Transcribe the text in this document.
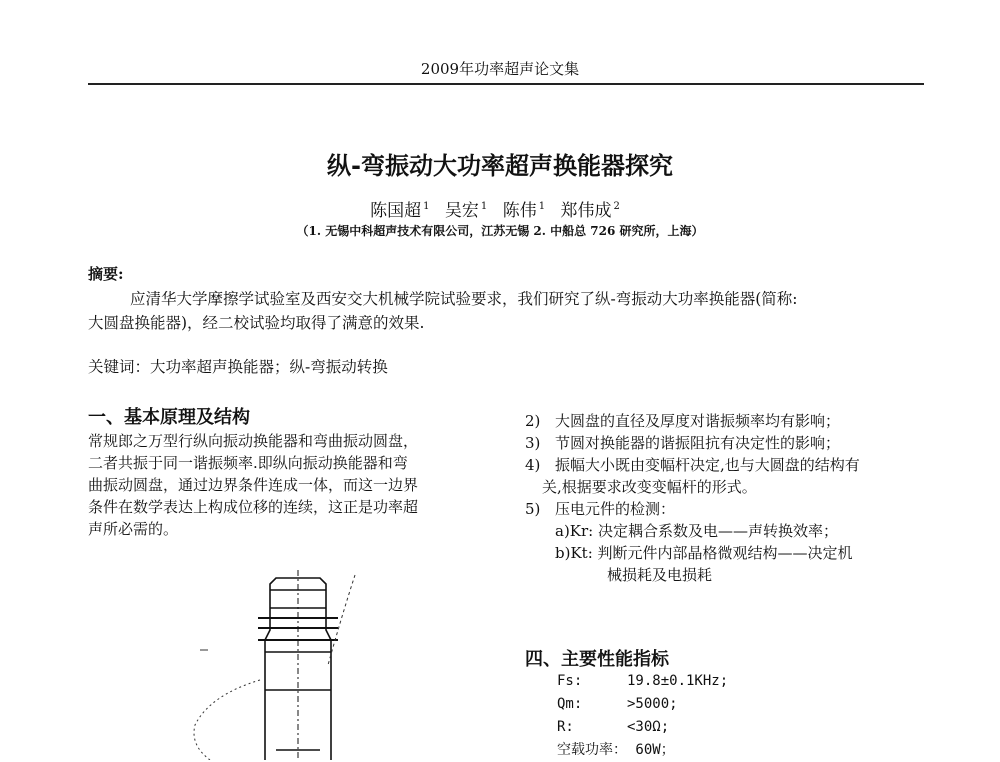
2009年功率超声论文集
纵-弯振动大功率超声换能器探究
陈国超 $^1$ 吴宏 $^1$ 陈伟 $^1$ 郑伟成 $^2$
（1. 无锡中科超声技术有限公司，江苏无锡 2. 中船总 726 研究所，上海）
摘要:
应清华大学摩擦学试验室及西安交大机械学院试验要求，我们研究了纵-弯振动大功率换能器(简称:
大圆盘换能器)，经二校试验均取得了满意的效果.
关键词：大功率超声换能器；纵-弯振动转换
一、基本原理及结构
常规郎之万型行纵向振动换能器和弯曲振动圆盘，
二者共振于同一谐振频率.即纵向振动换能器和弯
曲振动圆盘，通过边界条件连成一体，而这一边界
条件在数学表达上构成位移的连续，这正是功率超
声所必需的。
2) 大圆盘的直径及厚度对谐振频率均有影响；
3) 节圆对换能器的谐振阻抗有决定性的影响；
4) 振幅大小既由变幅杆决定,也与大圆盘的结构有
关,根据要求改变变幅杆的形式。
5) 压电元件的检测：
a)Kr: 决定耦合系数及电——声转换效率；
b)Kt: 判断元件内部晶格微观结构——决定机
械损耗及电损耗
四、主要性能指标
Fs:	19.8±0.1KHz;
Qm:	>5000;
R:	<30Ω;
空载功率： 60W；
